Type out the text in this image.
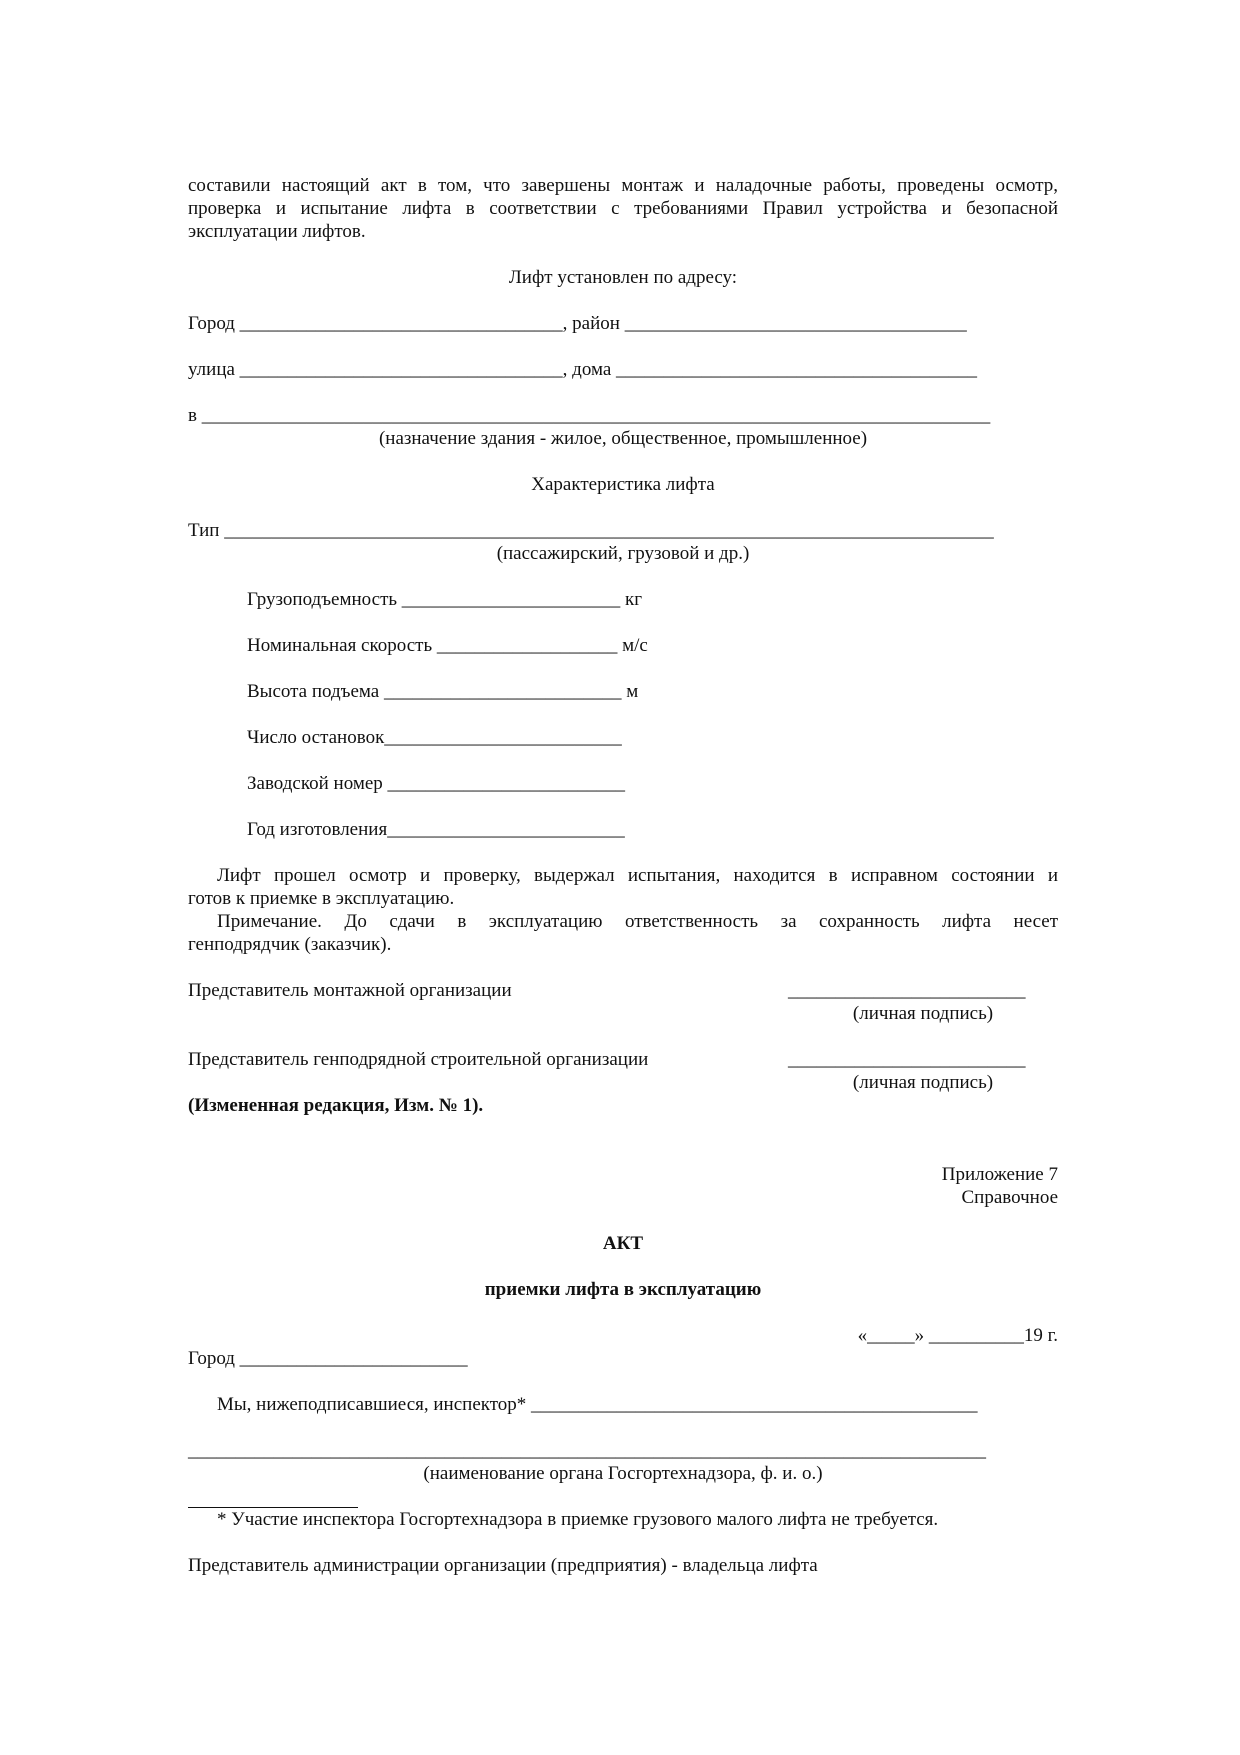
составили настоящий акт в том, что завершены монтаж и наладочные работы, проведены осмотр,
проверка и испытание лифта в соответствии с требованиями Правил устройства и безопасной
эксплуатации лифтов.
Лифт установлен по адресу:
Город __________________________________, район ____________________________________
улица __________________________________, дома ______________________________________
в ___________________________________________________________________________________
(назначение здания - жилое, общественное, промышленное)
Характеристика лифта
Тип _________________________________________________________________________________
(пассажирский, грузовой и др.)
Грузоподъемность _______________________ кг
Номинальная скорость ___________________ м/с
Высота подъема _________________________ м
Число остановок_________________________
Заводской номер _________________________
Год изготовления_________________________
Лифт прошел осмотр и проверку, выдержал испытания, находится в исправном состоянии и
готов к приемке в эксплуатацию.
Примечание. До сдачи в эксплуатацию ответственность за сохранность лифта несет
генподрядчик (заказчик).
Представитель монтажной организации	_________________________
(личная подпись)
Представитель генподрядной строительной организации	_________________________
(личная подпись)
(Измененная редакция, Изм. № 1).
Приложение 7
Справочное
АКТ
приемки лифта в эксплуатацию
«_____» __________19 г.
Город ________________________
Мы, нижеподписавшиеся, инспектор* _______________________________________________
____________________________________________________________________________________
(наименование органа Госгортехнадзора, ф. и. о.)
* Участие инспектора Госгортехнадзора в приемке грузового малого лифта не требуется.
Представитель администрации организации (предприятия) - владельца лифта
